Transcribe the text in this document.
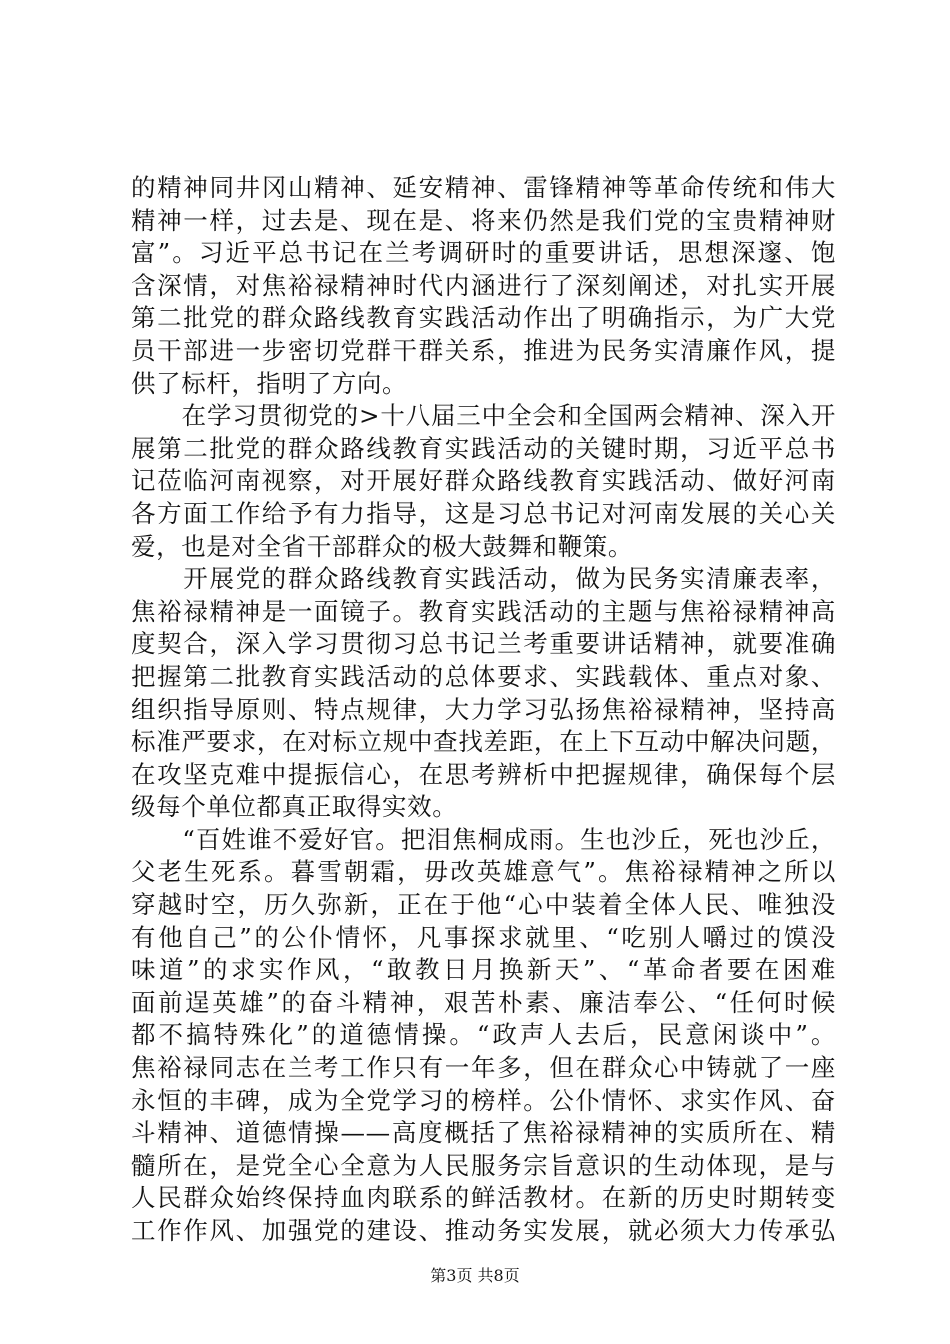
的精神同井冈山精神、延安精神、雷锋精神等革命传统和伟大
精神一样，过去是、现在是、将来仍然是我们党的宝贵精神财
富”。习近平总书记在兰考调研时的重要讲话，思想深邃、饱
含深情，对焦裕禄精神时代内涵进行了深刻阐述，对扎实开展
第二批党的群众路线教育实践活动作出了明确指示，为广大党
员干部进一步密切党群干群关系，推进为民务实清廉作风，提
供了标杆，指明了方向。
　　在学习贯彻党的>十八届三中全会和全国两会精神、深入开
展第二批党的群众路线教育实践活动的关键时期，习近平总书
记莅临河南视察，对开展好群众路线教育实践活动、做好河南
各方面工作给予有力指导，这是习总书记对河南发展的关心关
爱，也是对全省干部群众的极大鼓舞和鞭策。
　　开展党的群众路线教育实践活动，做为民务实清廉表率，
焦裕禄精神是一面镜子。教育实践活动的主题与焦裕禄精神高
度契合，深入学习贯彻习总书记兰考重要讲话精神，就要准确
把握第二批教育实践活动的总体要求、实践载体、重点对象、
组织指导原则、特点规律，大力学习弘扬焦裕禄精神，坚持高
标准严要求，在对标立规中查找差距，在上下互动中解决问题，
在攻坚克难中提振信心，在思考辨析中把握规律，确保每个层
级每个单位都真正取得实效。
　　“百姓谁不爱好官。把泪焦桐成雨。生也沙丘，死也沙丘，
父老生死系。暮雪朝霜，毋改英雄意气”。焦裕禄精神之所以
穿越时空，历久弥新，正在于他“心中装着全体人民、唯独没
有他自己”的公仆情怀，凡事探求就里、“吃别人嚼过的馍没
味道”的求实作风，“敢教日月换新天”、“革命者要在困难
面前逞英雄”的奋斗精神，艰苦朴素、廉洁奉公、“任何时候
都不搞特殊化”的道德情操。“政声人去后，民意闲谈中”。
焦裕禄同志在兰考工作只有一年多，但在群众心中铸就了一座
永恒的丰碑，成为全党学习的榜样。公仆情怀、求实作风、奋
斗精神、道德情操——高度概括了焦裕禄精神的实质所在、精
髓所在，是党全心全意为人民服务宗旨意识的生动体现，是与
人民群众始终保持血肉联系的鲜活教材。在新的历史时期转变
工作作风、加强党的建设、推动务实发展，就必须大力传承弘
第3页 共8页
